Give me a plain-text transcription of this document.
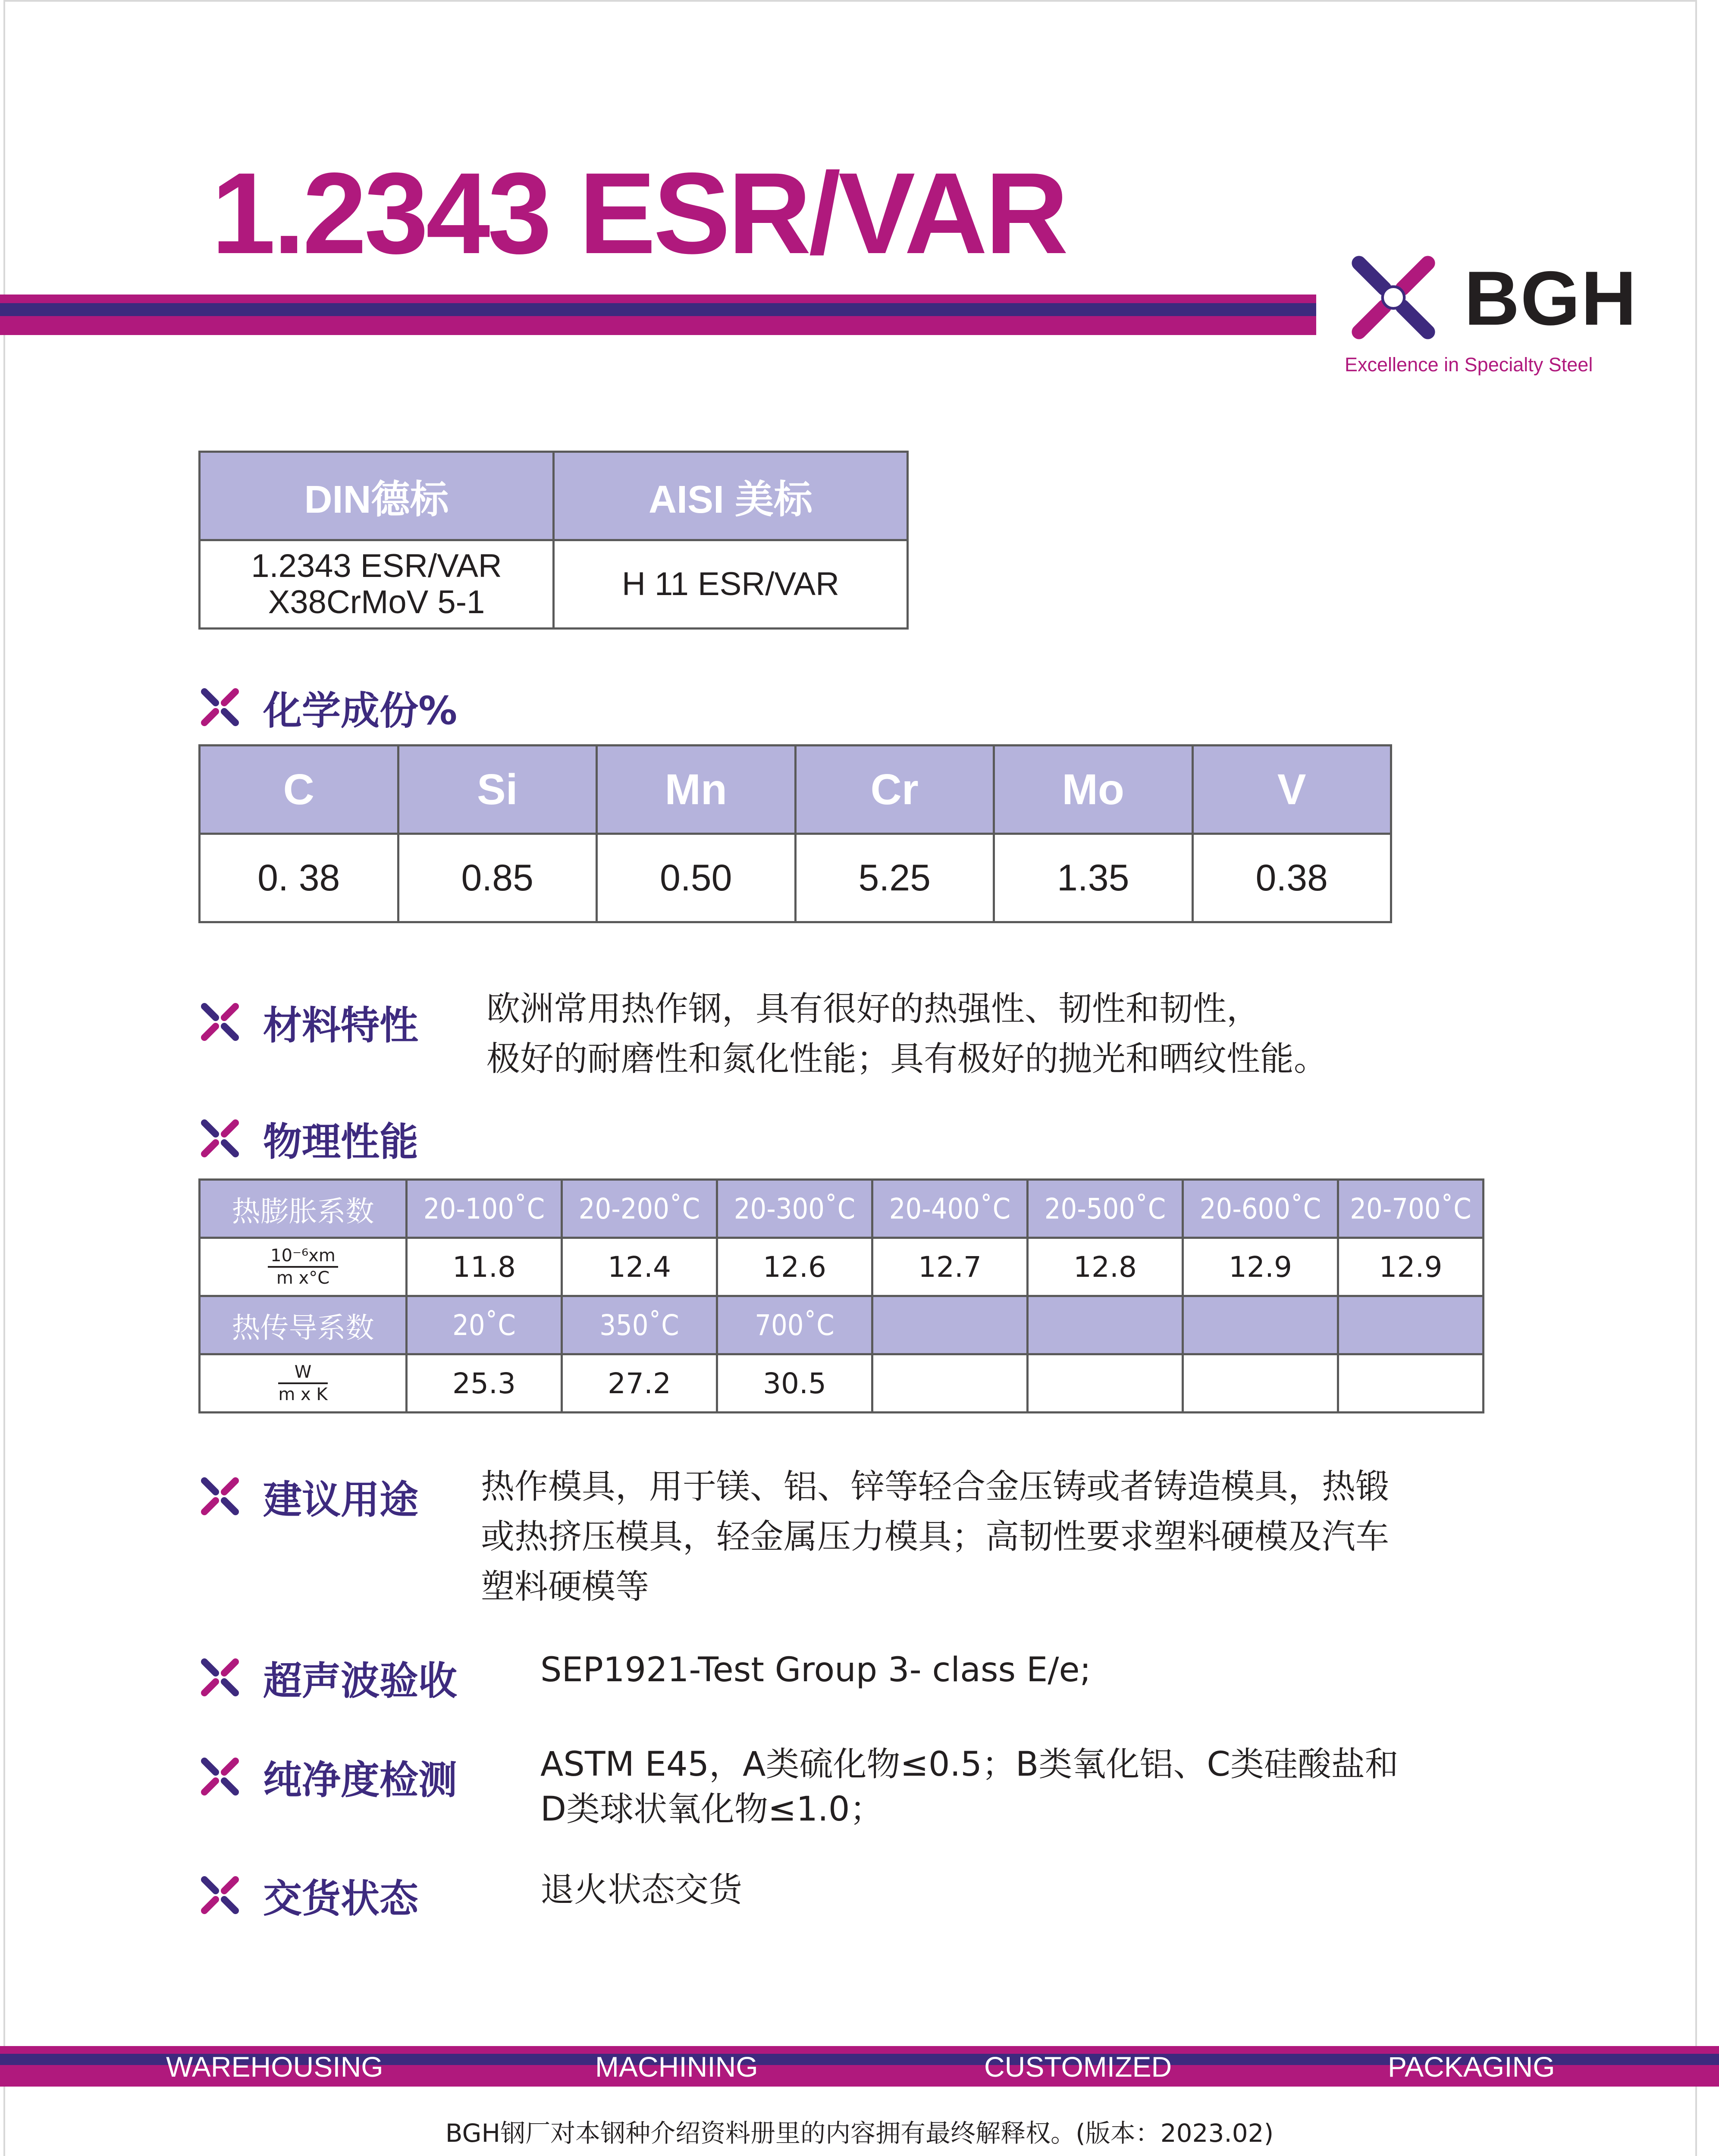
1.2343 ESR/VAR
BGH
Excellence in Specialty Steel
DIN德标	AISI 美标

1.2343 ESR/VAR
X38CrMoV 5-1	H 11 ESR/VAR
化学成份%
C	Si	Mn	Cr	Mo	V
0. 38	0.85	0.50	5.25	1.35	0.38
材料特性 欧洲常用热作钢，具有很好的热强性、韧性和韧性，
极好的耐磨性和氮化性能；具有极好的抛光和晒纹性能。
物理性能
热膨胀系数	20-100˚C	20-200˚C	20-300˚C	20-400˚C	20-500˚C	20-600˚C	20-700˚C

$\frac{\text{10⁻⁶xm}}{\text{m x°C}}$	11.8	12.4	12.6	12.7	12.8	12.9	12.9
热传导系数	20˚C	350˚C	700˚C				

$\frac{W}{\text{m x K}}$	25.3	27.2	30.5				
建议用途 热作模具，用于镁、铝、锌等轻合金压铸或者铸造模具，热锻
或热挤压模具，轻金属压力模具；高韧性要求塑料硬模及汽车
塑料硬模等
超声波验收 SEP1921-Test Group 3- class E/e;
纯净度检测 ASTM E45，A类硫化物≤0.5；B类氧化铝、C类硅酸盐和
D类球状氧化物≤1.0；
交货状态	退火状态交货
WAREHOUSING	MACHINING	CUSTOMIZED	PACKAGING
BGH钢厂对本钢种介绍资料册里的内容拥有最终解释权。(版本：2023.02)
